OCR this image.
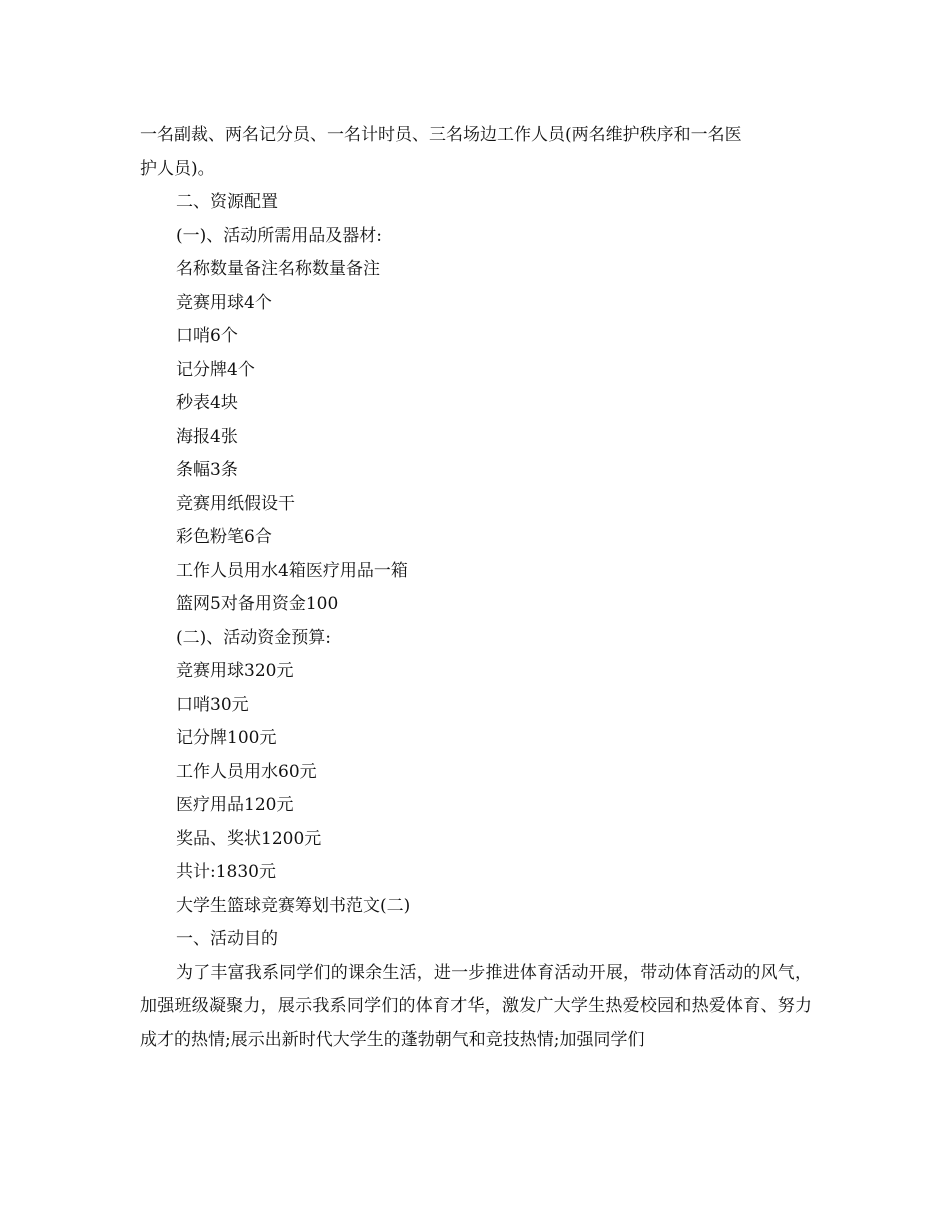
一名副裁、两名记分员、一名计时员、三名场边工作人员(两名维护秩序和一名医
护人员)。
二、资源配置
(一)、活动所需用品及器材:
名称数量备注名称数量备注
竞赛用球4个
口哨6个
记分牌4个
秒表4块
海报4张
条幅3条
竞赛用纸假设干
彩色粉笔6合
工作人员用水4箱医疗用品一箱
篮网5对备用资金100
(二)、活动资金预算:
竞赛用球320元
口哨30元
记分牌100元
工作人员用水60元
医疗用品120元
奖品、奖状1200元
共计:1830元
大学生篮球竞赛筹划书范文(二)
一、活动目的

为了丰富我系同学们的课余生活，进一步推进体育活动开展，带动体育活动的风气，加强班级凝聚力，展示我系同学们的体育才华，激发广大学生热爱校园和热爱体育、努力成才的热情;展示出新时代大学生的蓬勃朝气和竞技热情;加强同学们
